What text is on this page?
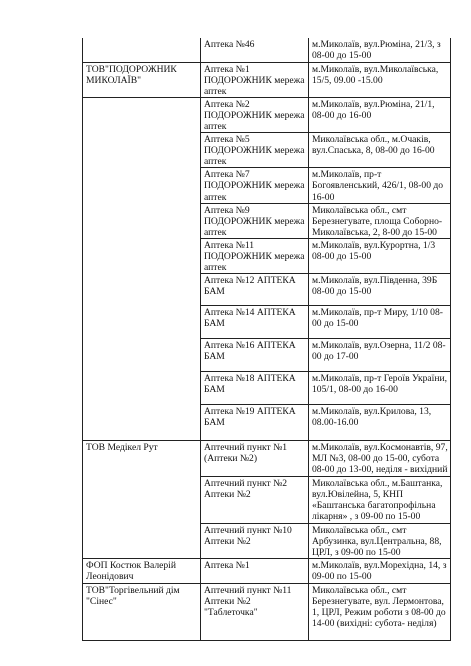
	Аптека №46	м.Миколаїв, вул.Рюміна, 21/3, з 08-00 до 15-00

ТОВ"ПОДОРОЖНИК МИКОЛАЇВ"	Аптека №1 ПОДОРОЖНИК мережа аптек	м.Миколаїв, вул.Миколаївська, 15/5, 09.00 -15.00
	Аптека №2 ПОДОРОЖНИК мережа аптек	м.Миколаїв, вул.Рюміна, 21/1, 08-00 до 16-00
	Аптека №5 ПОДОРОЖНИК мережа аптек	Миколаївська обл., м.Очаків, вул.Спаська, 8, 08-00 до 16-00
	Аптека №7 ПОДОРОЖНИК мережа аптек	м.Миколаїв, пр-т Богоявленський, 426/1, 08-00 до 16-00
	Аптека №9 ПОДОРОЖНИК мережа аптек	Миколаївська обл., смт Березнегувате, площа Соборно-Миколаївська, 2, 8-00 до 15-00
	Аптека №11 ПОДОРОЖНИК мережа аптек	м.Миколаїв, вул.Курортна, 1/3 08-00 до 15-00
	Аптека №12 АПТЕКА БАМ	м.Миколаїв, вул.Південна, 39Б 08-00 до 15-00
	Аптека №14 АПТЕКА БАМ	м.Миколаїв, пр-т Миру, 1/10 08-00 до 15-00
	Аптека №16 АПТЕКА БАМ	м.Миколаїв, вул.Озерна, 11/2 08-00 до 17-00
	Аптека №18 АПТЕКА БАМ	м.Миколаїв, пр-т Героїв України, 105/1, 08-00 до 16-00
	Аптека №19 АПТЕКА БАМ	м.Миколаїв, вул.Крилова, 13, 08.00-16.00
ТОВ Медікел Рут	Аптечний пункт №1 (Аптеки №2)	м.Миколаїв, вул.Космонавтів, 97, МЛ №3, 08-00 до 15-00, субота 08-00 до 13-00, неділя - вихідний
	Аптечний пункт №2 Аптеки №2	Миколаївська обл., м.Баштанка, вул.Ювілейна, 5, КНП «Баштанська багатопрофільна лікарня» , з 09-00 по 15-00
	Аптечний пункт №10 Аптеки №2	Миколаївська обл., смт Арбузинка, вул.Центральна, 88, ЦРЛ, з 09-00 по 15-00
ФОП Костюк Валерій Леонідович	Аптека №1	м.Миколаїв, вул.Морехідна, 14, з 09-00 по 15-00
ТОВ"Торгівельний дім "Сінес"	Аптечний пункт №11 Аптеки №2 "Таблеточка"	Миколаївська обл., смт Березнегувате, вул. Лермонтова, 1, ЦРЛ, Режим роботи з 08-00 до 14-00 (вихідні: субота- неділя)
